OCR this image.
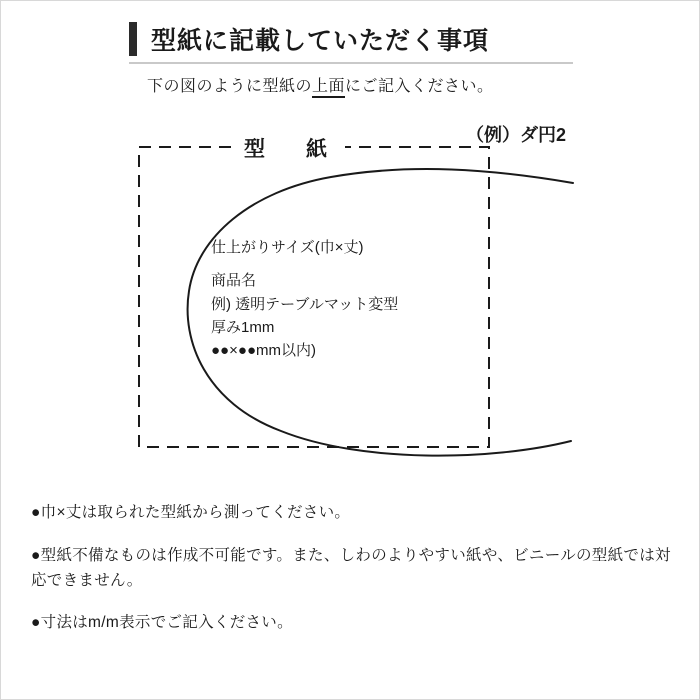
型紙に記載していただく事項
下の図のように型紙の上面にご記入ください。
型　紙
（例）ダ円2
仕上がりサイズ(巾×丈)
商品名
例) 透明テーブルマット変型
厚み1mm
●●×●●mm以内)
●巾×丈は取られた型紙から測ってください。
●型紙不備なものは作成不可能です。また、しわのよりやすい紙や、ビニールの型紙では対応できません。
●寸法はm/m表示でご記入ください。
